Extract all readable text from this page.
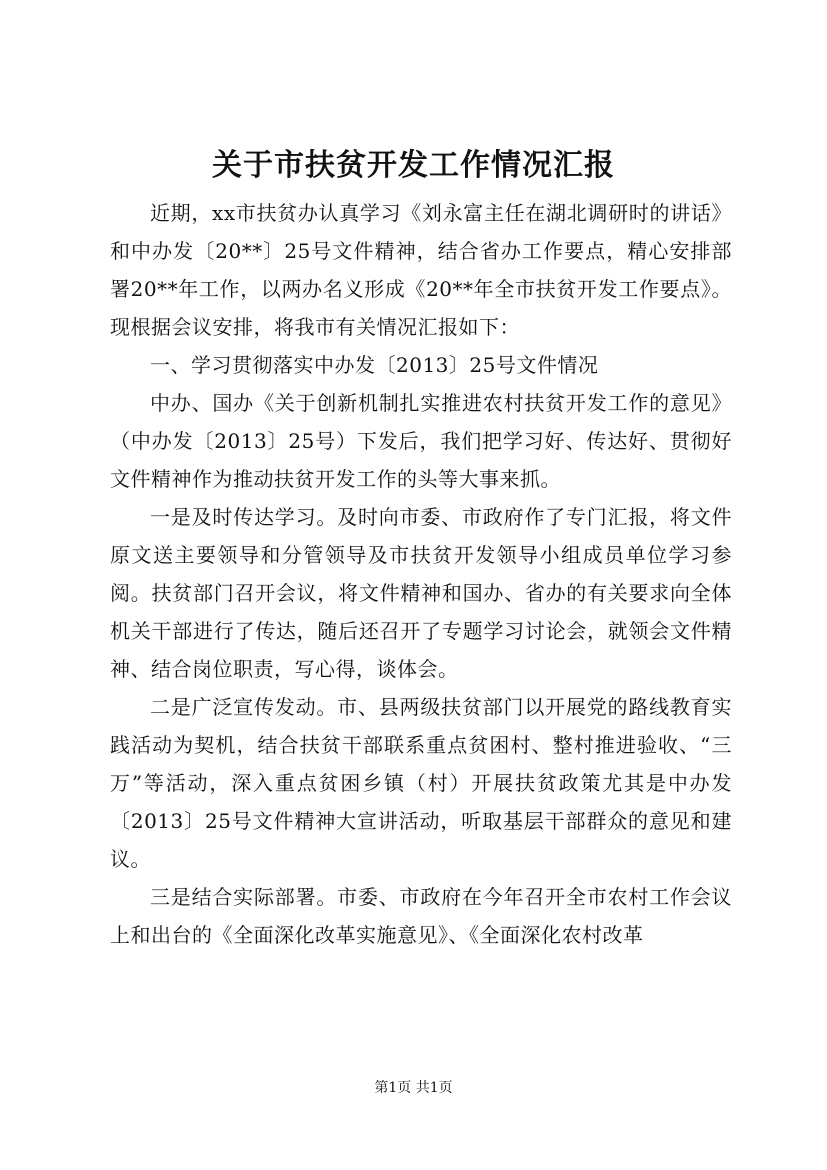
关于市扶贫开发工作情况汇报

近期，xx市扶贫办认真学习《刘永富主任在湖北调研时的讲话》和中办发〔20**〕25号文件精神，结合省办工作要点，精心安排部署20**年工作，以两办名义形成《20**年全市扶贫开发工作要点》。现根据会议安排，将我市有关情况汇报如下：

一、学习贯彻落实中办发〔2013〕25号文件情况

中办、国办《关于创新机制扎实推进农村扶贫开发工作的意见》（中办发〔2013〕25号）下发后，我们把学习好、传达好、贯彻好文件精神作为推动扶贫开发工作的头等大事来抓。

一是及时传达学习。及时向市委、市政府作了专门汇报，将文件原文送主要领导和分管领导及市扶贫开发领导小组成员单位学习参阅。扶贫部门召开会议，将文件精神和国办、省办的有关要求向全体机关干部进行了传达，随后还召开了专题学习讨论会，就领会文件精神、结合岗位职责，写心得，谈体会。

二是广泛宣传发动。市、县两级扶贫部门以开展党的路线教育实践活动为契机，结合扶贫干部联系重点贫困村、整村推进验收、“三万”等活动，深入重点贫困乡镇（村）开展扶贫政策尤其是中办发〔2013〕25号文件精神大宣讲活动，听取基层干部群众的意见和建议。

三是结合实际部署。市委、市政府在今年召开全市农村工作会议上和出台的《全面深化改革实施意见》、《全面深化农村改革

第1页 共1页
